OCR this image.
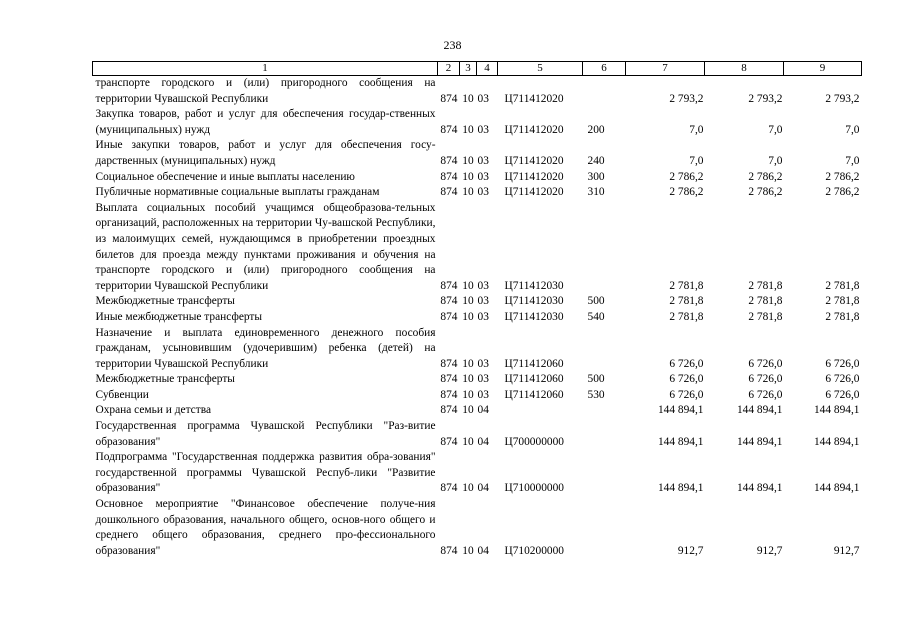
238
1	2	3	4	5	6	7	8	9
транспорте городского и (или) пригородного сообщения на территории Чувашской Республики	874	10	03	Ц711412020		2 793,2	2 793,2	2 793,2
Закупка товаров, работ и услуг для обеспечения государ-ственных (муниципальных) нужд	874	10	03	Ц711412020	200	7,0	7,0	7,0
Иные закупки товаров, работ и услуг для обеспечения госу-дарственных (муниципальных) нужд	874	10	03	Ц711412020	240	7,0	7,0	7,0
Социальное обеспечение и иные выплаты населению	874	10	03	Ц711412020	300	2 786,2	2 786,2	2 786,2
Публичные нормативные социальные выплаты гражданам	874	10	03	Ц711412020	310	2 786,2	2 786,2	2 786,2
Выплата социальных пособий учащимся общеобразова-тельных организаций, расположенных на территории Чу-вашской Республики, из малоимущих семей, нуждающимся в приобретении проездных билетов для проезда между пунктами проживания и обучения на транспорте городского и (или) пригородного сообщения на территории Чувашской Республики	874	10	03	Ц711412030		2 781,8	2 781,8	2 781,8
Межбюджетные трансферты	874	10	03	Ц711412030	500	2 781,8	2 781,8	2 781,8
Иные межбюджетные трансферты	874	10	03	Ц711412030	540	2 781,8	2 781,8	2 781,8
Назначение и выплата единовременного денежного пособия гражданам, усыновившим (удочерившим) ребенка (детей) на территории Чувашской Республики	874	10	03	Ц711412060		6 726,0	6 726,0	6 726,0
Межбюджетные трансферты	874	10	03	Ц711412060	500	6 726,0	6 726,0	6 726,0
Субвенции	874	10	03	Ц711412060	530	6 726,0	6 726,0	6 726,0
Охрана семьи и детства	874	10	04			144 894,1	144 894,1	144 894,1
Государственная программа Чувашской Республики "Раз-витие образования"	874	10	04	Ц700000000		144 894,1	144 894,1	144 894,1
Подпрограмма "Государственная поддержка развития обра-зования" государственной программы Чувашской Респуб-лики "Развитие образования"	874	10	04	Ц710000000		144 894,1	144 894,1	144 894,1
Основное мероприятие "Финансовое обеспечение получе-ния дошкольного образования, начального общего, основ-ного общего и среднего общего образования, среднего про-фессионального образования"	874	10	04	Ц710200000		912,7	912,7	912,7
